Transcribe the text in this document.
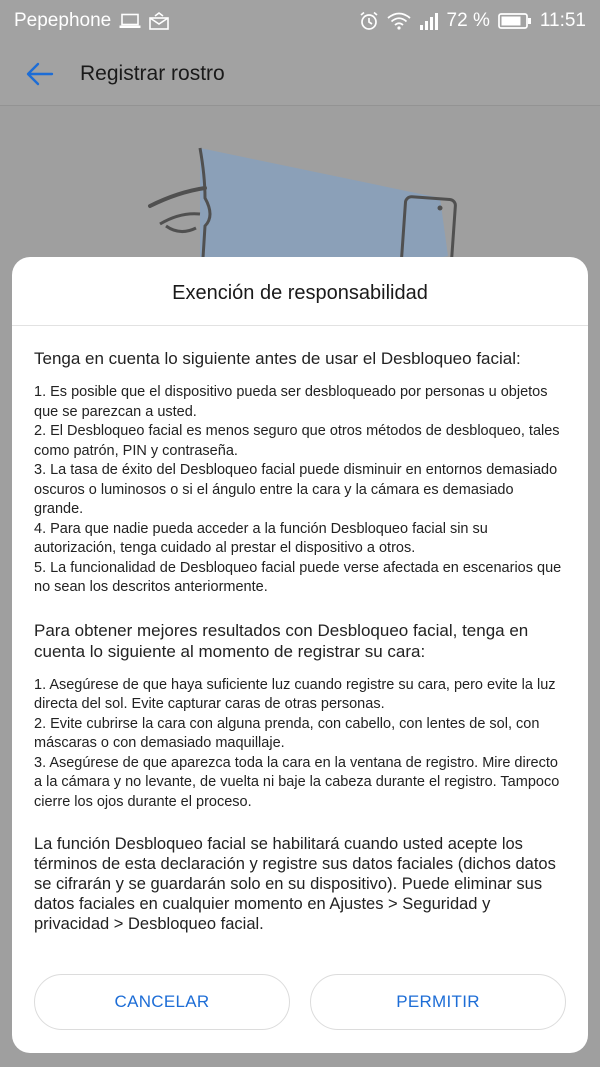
Pepephone	72 %	11:51
Registrar rostro
Exención de responsabilidad

Tenga en cuenta lo siguiente antes de usar el Desbloqueo facial:

1. Es posible que el dispositivo pueda ser desbloqueado por personas u objetos que se parezcan a usted.
2. El Desbloqueo facial es menos seguro que otros métodos de desbloqueo, tales como patrón, PIN y contraseña.
3. La tasa de éxito del Desbloqueo facial puede disminuir en entornos demasiado oscuros o luminosos o si el ángulo entre la cara y la cámara es demasiado grande.
4. Para que nadie pueda acceder a la función Desbloqueo facial sin su autorización, tenga cuidado al prestar el dispositivo a otros.
5. La funcionalidad de Desbloqueo facial puede verse afectada en escenarios que no sean los descritos anteriormente.

Para obtener mejores resultados con Desbloqueo facial, tenga en cuenta lo siguiente al momento de registrar su cara:

1. Asegúrese de que haya suficiente luz cuando registre su cara, pero evite la luz directa del sol. Evite capturar caras de otras personas.
2. Evite cubrirse la cara con alguna prenda, con cabello, con lentes de sol, con máscaras o con demasiado maquillaje.
3. Asegúrese de que aparezca toda la cara en la ventana de registro. Mire directo a la cámara y no levante, de vuelta ni baje la cabeza durante el registro. Tampoco cierre los ojos durante el proceso.

La función Desbloqueo facial se habilitará cuando usted acepte los términos de esta declaración y registre sus datos faciales (dichos datos se cifrarán y se guardarán solo en su dispositivo). Puede eliminar sus datos faciales en cualquier momento en Ajustes > Seguridad y privacidad > Desbloqueo facial.

CANCELAR	PERMITIR
